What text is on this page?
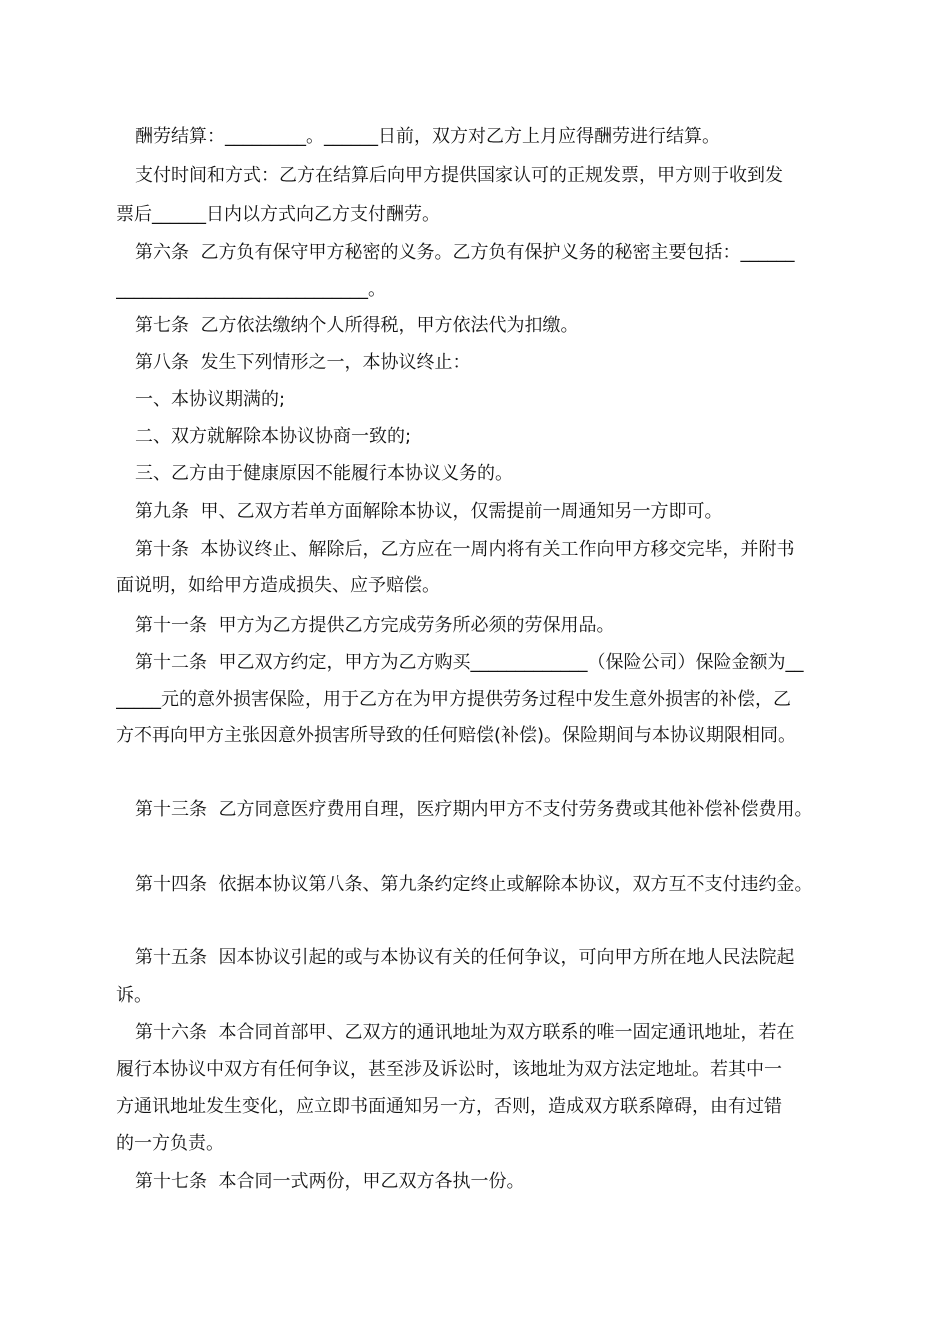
酬劳结算：_________。______日前，双方对乙方上月应得酬劳进行结算。
支付时间和方式：乙方在结算后向甲方提供国家认可的正规发票，甲方则于收到发
票后______日内以方式向乙方支付酬劳。
第六条  乙方负有保守甲方秘密的义务。乙方负有保护义务的秘密主要包括：______
____________________________。
第七条  乙方依法缴纳个人所得税，甲方依法代为扣缴。
第八条  发生下列情形之一，本协议终止：
一、本协议期满的;
二、双方就解除本协议协商一致的;
三、乙方由于健康原因不能履行本协议义务的。
第九条  甲、乙双方若单方面解除本协议，仅需提前一周通知另一方即可。
第十条  本协议终止、解除后，乙方应在一周内将有关工作向甲方移交完毕，并附书
面说明，如给甲方造成损失、应予赔偿。
第十一条  甲方为乙方提供乙方完成劳务所必须的劳保用品。
第十二条  甲乙双方约定，甲方为乙方购买_____________（保险公司）保险金额为__
_____元的意外损害保险，用于乙方在为甲方提供劳务过程中发生意外损害的补偿，乙
方不再向甲方主张因意外损害所导致的任何赔偿(补偿)。保险期间与本协议期限相同。
第十三条  乙方同意医疗费用自理，医疗期内甲方不支付劳务费或其他补偿补偿费用。
第十四条  依据本协议第八条、第九条约定终止或解除本协议，双方互不支付违约金。
第十五条  因本协议引起的或与本协议有关的任何争议，可向甲方所在地人民法院起
诉。
第十六条  本合同首部甲、乙双方的通讯地址为双方联系的唯一固定通讯地址，若在
履行本协议中双方有任何争议，甚至涉及诉讼时，该地址为双方法定地址。若其中一
方通讯地址发生变化，应立即书面通知另一方，否则，造成双方联系障碍，由有过错
的一方负责。
第十七条  本合同一式两份，甲乙双方各执一份。
